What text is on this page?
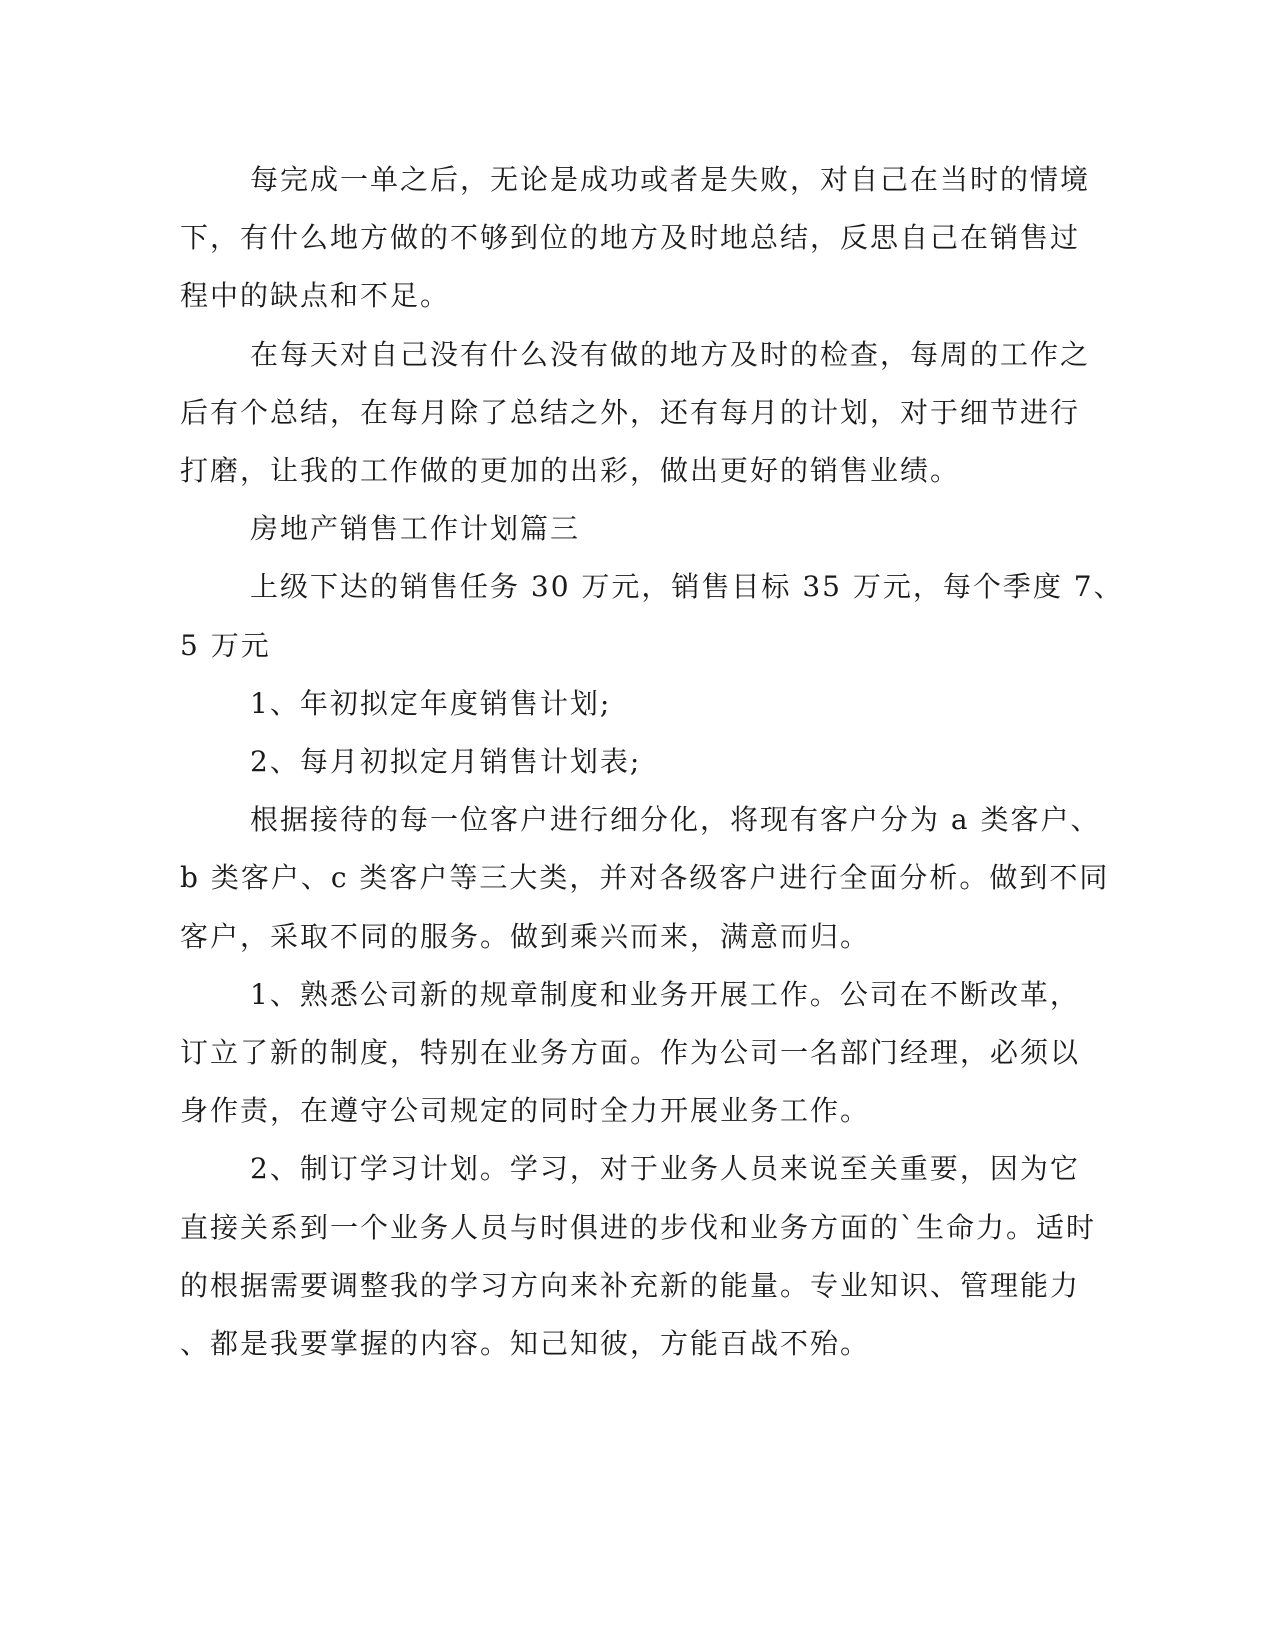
每完成一单之后，无论是成功或者是失败，对自己在当时的情境

下，有什么地方做的不够到位的地方及时地总结，反思自己在销售过

程中的缺点和不足。

在每天对自己没有什么没有做的地方及时的检查，每周的工作之

后有个总结，在每月除了总结之外，还有每月的计划，对于细节进行

打磨，让我的工作做的更加的出彩，做出更好的销售业绩。

房地产销售工作计划篇三

上级下达的销售任务 30 万元，销售目标 35 万元，每个季度 7、

5 万元

1、年初拟定年度销售计划;

2、每月初拟定月销售计划表;

根据接待的每一位客户进行细分化，将现有客户分为 a 类客户、

b 类客户、c 类客户等三大类，并对各级客户进行全面分析。做到不同

客户，采取不同的服务。做到乘兴而来，满意而归。

1、熟悉公司新的规章制度和业务开展工作。公司在不断改革，

订立了新的制度，特别在业务方面。作为公司一名部门经理，必须以

身作责，在遵守公司规定的同时全力开展业务工作。

2、制订学习计划。学习，对于业务人员来说至关重要，因为它

直接关系到一个业务人员与时俱进的步伐和业务方面的`生命力。适时

的根据需要调整我的学习方向来补充新的能量。专业知识、管理能力

、都是我要掌握的内容。知己知彼，方能百战不殆。
